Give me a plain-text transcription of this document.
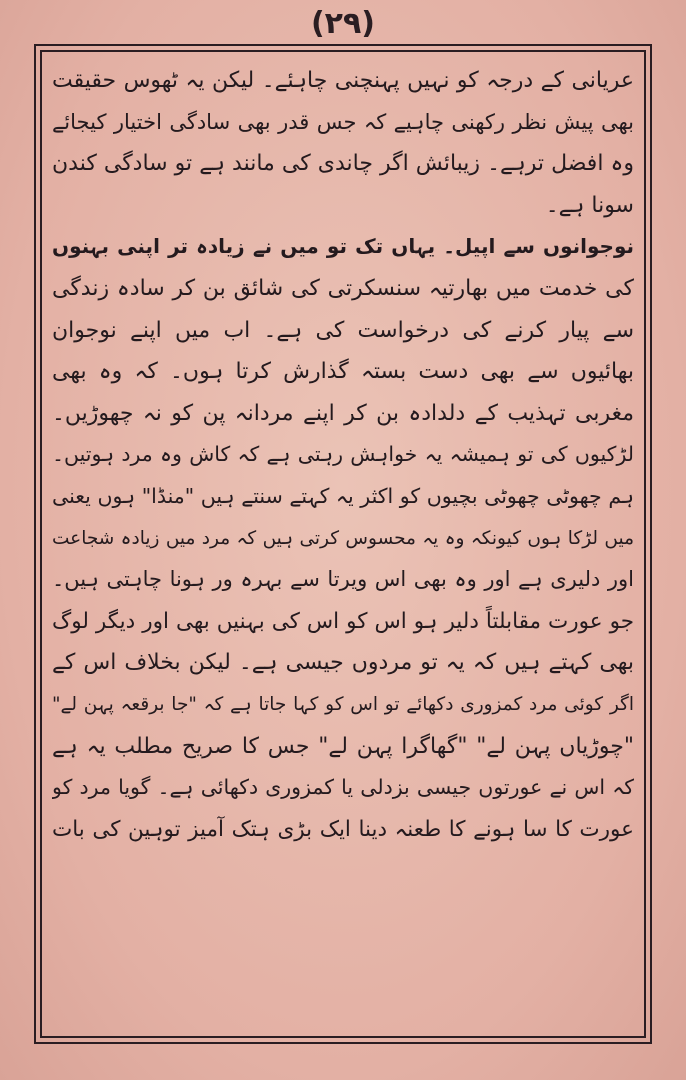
(۲۹)
عریانی کے درجہ کو نہیں پہنچنی چاہئے۔ لیکن یہ ٹھوس حقیقت
بھی پیش نظر رکھنی چاہیے کہ جس قدر بھی سادگی اختیار کیجائے
وہ افضل ترہے۔ زیبائش اگر چاندی کی مانند ہے تو سادگی کندن
سونا ہے۔
نوجوانوں سے اپیل۔ یہاں تک تو میں نے زیادہ تر اپنی بہنوں
کی خدمت میں بھارتیہ سنسکرتی کی شائق بن کر سادہ زندگی
سے پیار کرنے کی درخواست کی ہے۔ اب میں اپنے نوجوان
بھائیوں سے بھی دست بستہ گذارش کرتا ہوں۔ کہ وہ بھی
مغربی تہذیب کے دلدادہ بن کر اپنے مردانہ پن کو نہ چھوڑیں۔
لڑکیوں کی تو ہمیشہ یہ خواہش رہتی ہے کہ کاش وہ مرد ہوتیں۔
ہم چھوٹی چھوٹی بچیوں کو اکثر یہ کہتے سنتے ہیں "منڈا" ہوں یعنی
میں لڑکا ہوں کیونکہ وہ یہ محسوس کرتی ہیں کہ مرد میں زیادہ شجاعت
اور دلیری ہے اور وہ بھی اس ویرتا سے بہرہ ور ہونا چاہتی ہیں۔
جو عورت مقابلتاً دلیر ہو اس کو اس کی بہنیں بھی اور دیگر لوگ
بھی کہتے ہیں کہ یہ تو مردوں جیسی ہے۔ لیکن بخلاف اس کے
اگر کوئی مرد کمزوری دکھائے تو اس کو کہا جاتا ہے کہ "جا برقعہ پہن لے"
"چوڑیاں پہن لے" "گھاگرا پہن لے" جس کا صریح مطلب یہ ہے
کہ اس نے عورتوں جیسی بزدلی یا کمزوری دکھائی ہے۔ گویا مرد کو
عورت کا سا ہونے کا طعنہ دینا ایک بڑی ہتک آمیز توہین کی بات
